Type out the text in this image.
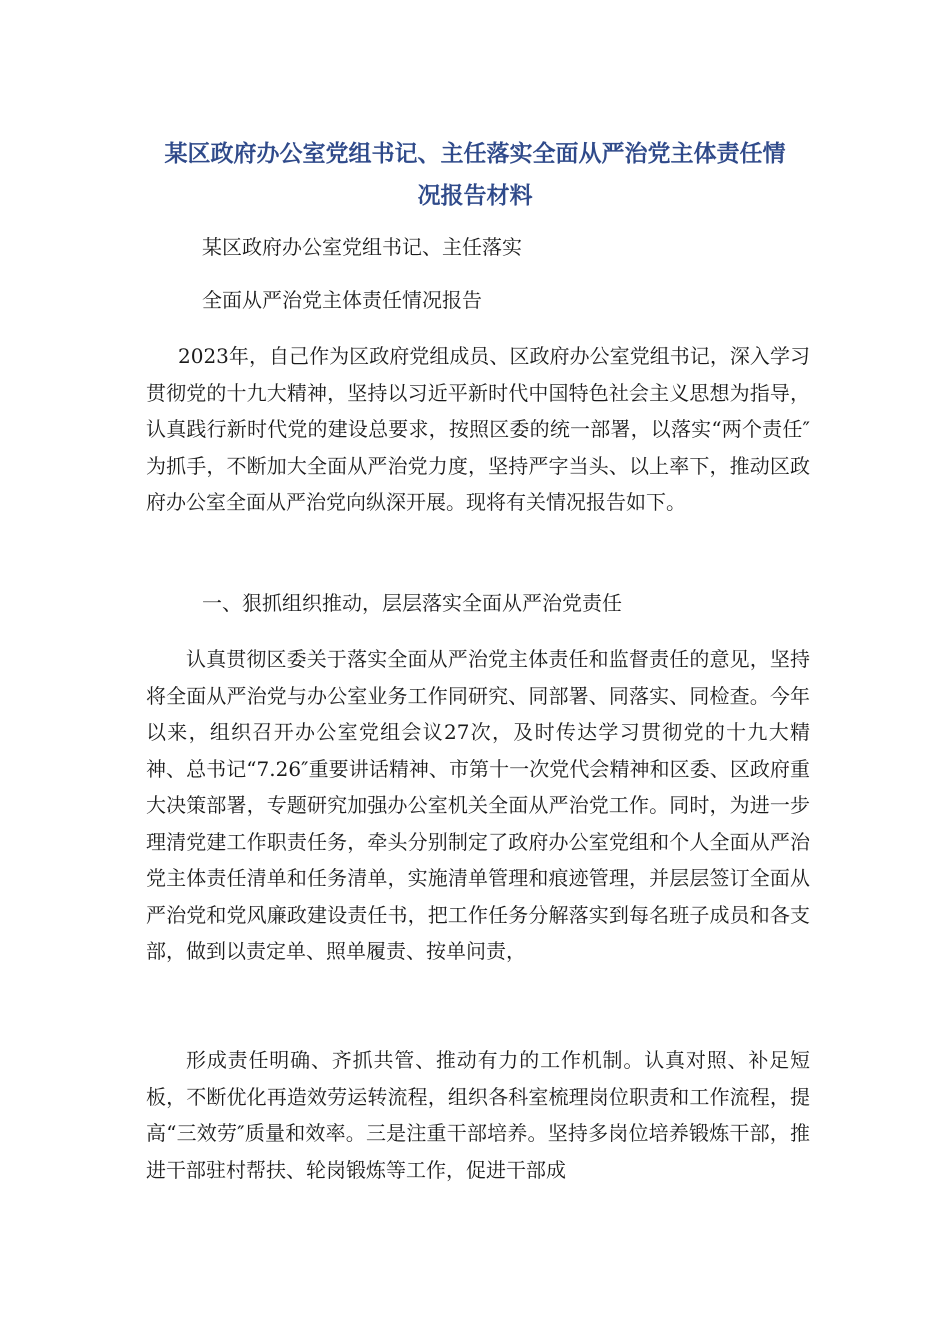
某区政府办公室党组书记、主任落实全面从严治党主体责任情
况报告材料
某区政府办公室党组书记、主任落实
全面从严治党主体责任情况报告

2023年，自己作为区政府党组成员、区政府办公室党组书记，深入学习贯彻党的十九大精神，坚持以习近平新时代中国特色社会主义思想为指导，认真践行新时代党的建设总要求，按照区委的统一部署，以落实“两个责任″为抓手，不断加大全面从严治党力度，坚持严字当头、以上率下，推动区政府办公室全面从严治党向纵深开展。现将有关情况报告如下。

一、狠抓组织推动，层层落实全面从严治党责任

认真贯彻区委关于落实全面从严治党主体责任和监督责任的意见，坚持将全面从严治党与办公室业务工作同研究、同部署、同落实、同检查。今年以来，组织召开办公室党组会议27次，及时传达学习贯彻党的十九大精神、总书记“7.26″重要讲话精神、市第十一次党代会精神和区委、区政府重大决策部署，专题研究加强办公室机关全面从严治党工作。同时，为进一步理清党建工作职责任务，牵头分别制定了政府办公室党组和个人全面从严治党主体责任清单和任务清单，实施清单管理和痕迹管理，并层层签订全面从严治党和党风廉政建设责任书，把工作任务分解落实到每名班子成员和各支部，做到以责定单、照单履责、按单问责，

形成责任明确、齐抓共管、推动有力的工作机制。认真对照、补足短板，不断优化再造效劳运转流程，组织各科室梳理岗位职责和工作流程，提高“三效劳″质量和效率。三是注重干部培养。坚持多岗位培养锻炼干部，推进干部驻村帮扶、轮岗锻炼等工作，促进干部成
